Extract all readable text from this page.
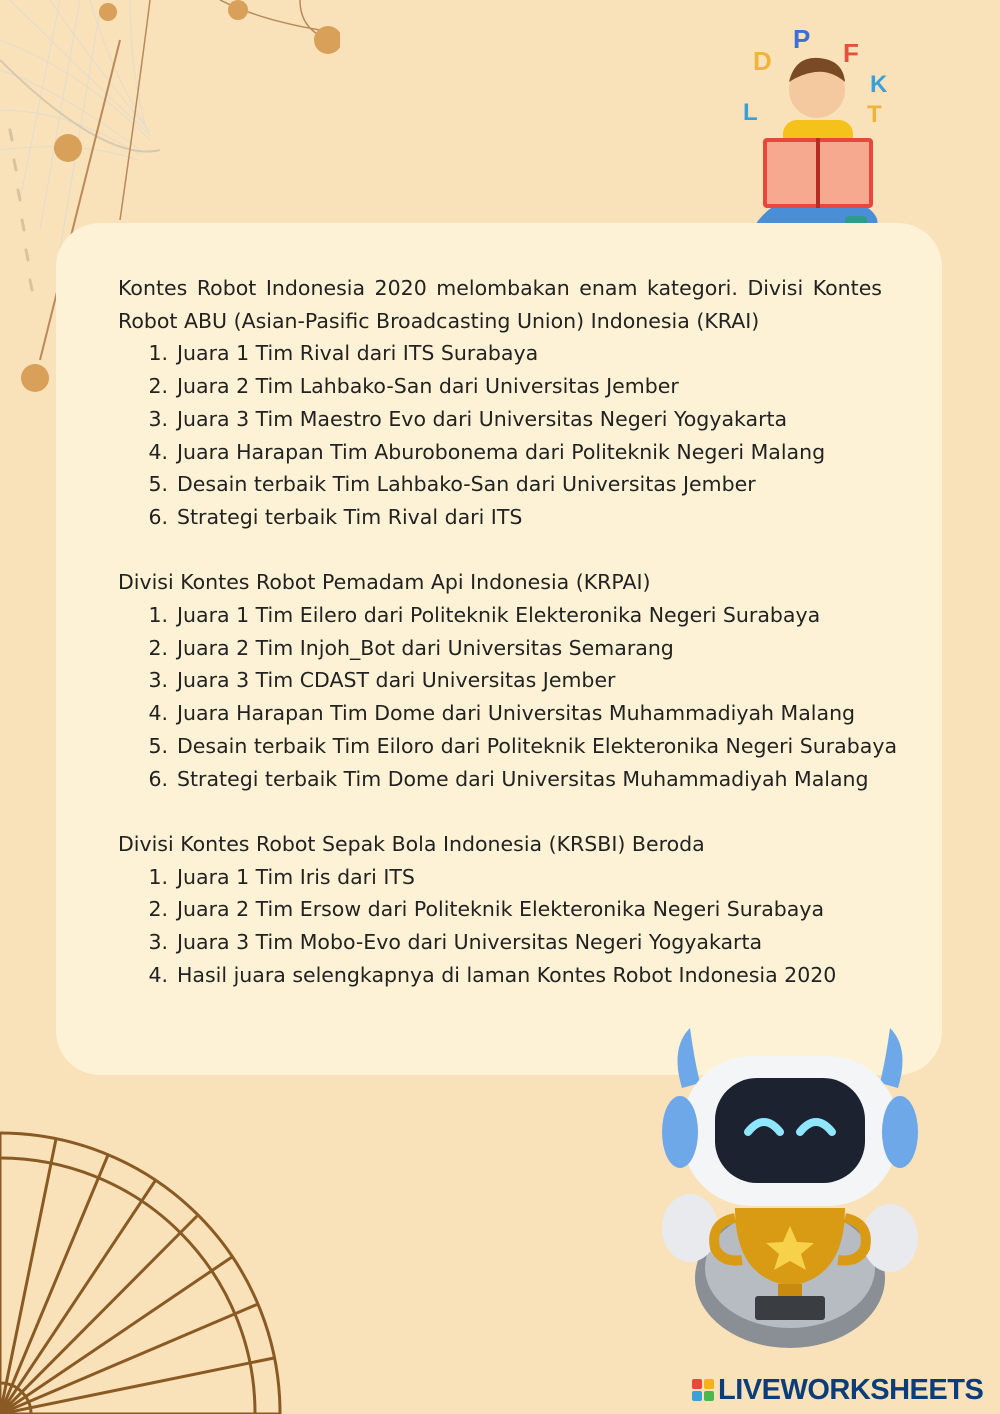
D
P F
K
T
L

Kontes Robot Indonesia 2020 melombakan enam kategori. Divisi Kontes Robot ABU (Asian-Pasific Broadcasting Union) Indonesia (KRAI)

1. Juara 1 Tim Rival dari ITS Surabaya
2. Juara 2 Tim Lahbako-San dari Universitas Jember
3. Juara 3 Tim Maestro Evo dari Universitas Negeri Yogyakarta
4. Juara Harapan Tim Aburobonema dari Politeknik Negeri Malang
5. Desain terbaik Tim Lahbako-San dari Universitas Jember
6. Strategi terbaik Tim Rival dari ITS

Divisi Kontes Robot Pemadam Api Indonesia (KRPAI)

1. Juara 1 Tim Eilero dari Politeknik Elekteronika Negeri Surabaya
2. Juara 2 Tim Injoh_Bot dari Universitas Semarang
3. Juara 3 Tim CDAST dari Universitas Jember
4. Juara Harapan Tim Dome dari Universitas Muhammadiyah Malang
5. Desain terbaik Tim Eiloro dari Politeknik Elekteronika Negeri Surabaya
6. Strategi terbaik Tim Dome dari Universitas Muhammadiyah Malang

Divisi Kontes Robot Sepak Bola Indonesia (KRSBI) Beroda

1. Juara 1 Tim Iris dari ITS
2. Juara 2 Tim Ersow dari Politeknik Elekteronika Negeri Surabaya
3. Juara 3 Tim Mobo-Evo dari Universitas Negeri Yogyakarta
4. Hasil juara selengkapnya di laman Kontes Robot Indonesia 2020
LIVEWORKSHEETS
